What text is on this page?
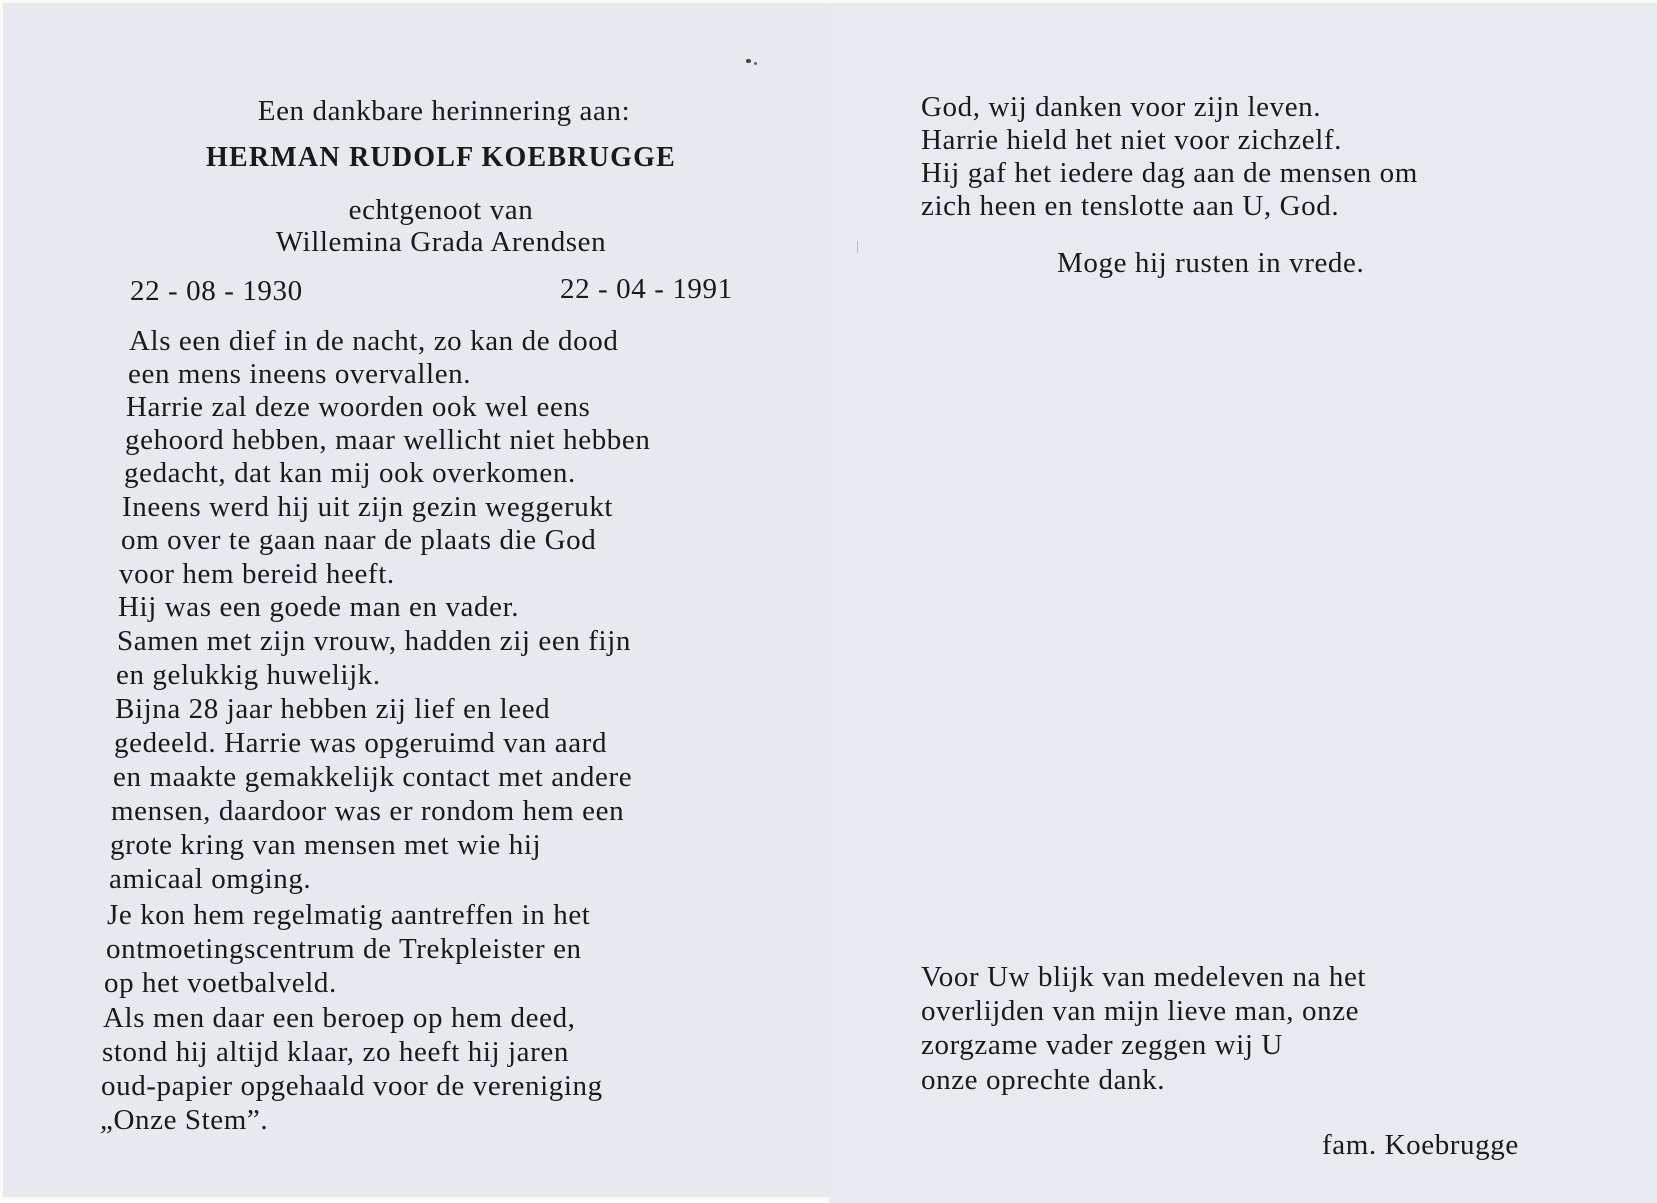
Een dankbare herinnering aan:
HERMAN RUDOLF KOEBRUGGE
echtgenoot van
Willemina Grada Arendsen
22 - 08 - 1930	22 - 04 - 1991
Als een dief in de nacht, zo kan de dood
een mens ineens overvallen.
Harrie zal deze woorden ook wel eens
gehoord hebben, maar wellicht niet hebben
gedacht, dat kan mij ook overkomen.
Ineens werd hij uit zijn gezin weggerukt
om over te gaan naar de plaats die God
voor hem bereid heeft.
Hij was een goede man en vader.
Samen met zijn vrouw, hadden zij een fijn
en gelukkig huwelijk.
Bijna 28 jaar hebben zij lief en leed
gedeeld. Harrie was opgeruimd van aard
en maakte gemakkelijk contact met andere
mensen, daardoor was er rondom hem een
grote kring van mensen met wie hij
amicaal omging.
Je kon hem regelmatig aantreffen in het
ontmoetingscentrum de Trekpleister en
op het voetbalveld.
Als men daar een beroep op hem deed,
stond hij altijd klaar, zo heeft hij jaren
oud-papier opgehaald voor de vereniging
„Onze Stem”.
God, wij danken voor zijn leven.
Harrie hield het niet voor zichzelf.
Hij gaf het iedere dag aan de mensen om
zich heen en tenslotte aan U, God.
Moge hij rusten in vrede.
Voor Uw blijk van medeleven na het
overlijden van mijn lieve man, onze
zorgzame vader zeggen wij U
onze oprechte dank.
fam. Koebrugge
